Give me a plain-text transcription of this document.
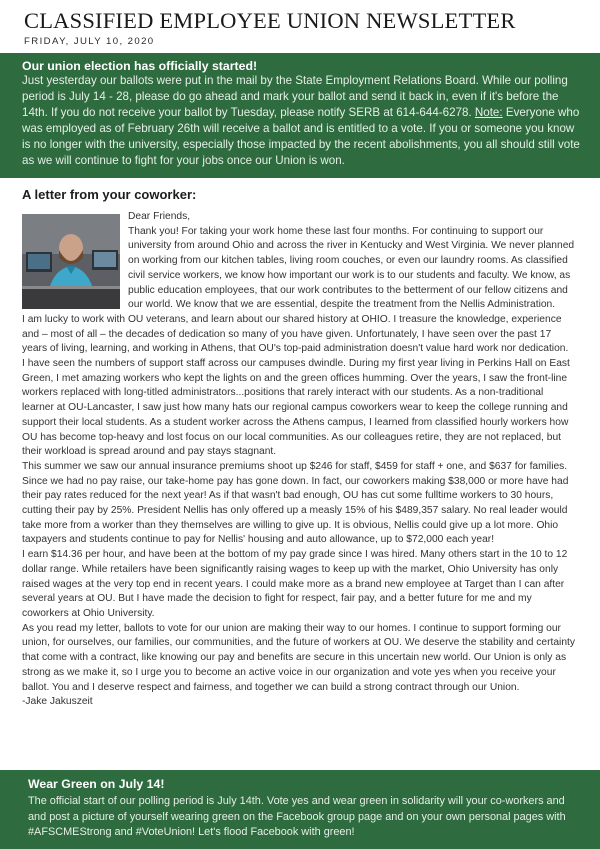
CLASSIFIED EMPLOYEE UNION NEWSLETTER
FRIDAY, JULY 10, 2020
Our union election has officially started!
Just yesterday our ballots were put in the mail by the State Employment Relations Board. While our polling period is July 14 - 28, please do go ahead and mark your ballot and send it back in, even if it's before the 14th. If you do not receive your ballot by Tuesday, please notify SERB at 614-644-6278. Note: Everyone who was employed as of February 26th will receive a ballot and is entitled to a vote. If you or someone you know is no longer with the university, especially those impacted by the recent abolishments, you all should still vote as we will continue to fight for your jobs once our Union is won.
A letter from your coworker:

Dear Friends,

Thank you! For taking your work home these last four months. For continuing to support our university from around Ohio and across the river in Kentucky and West Virginia. We never planned on working from our kitchen tables, living room couches, or even our laundry rooms. As classified civil service workers, we know how important our work is to our students and faculty. We know, as public education employees, that our work contributes to the betterment of our fellow citizens and our world. We know that we are essential, despite the treatment from the Nellis Administration.

I am lucky to work with OU veterans, and learn about our shared history at OHIO. I treasure the knowledge, experience and – most of all – the decades of dedication so many of you have given. Unfortunately, I have seen over the past 17 years of living, learning, and working in Athens, that OU's top-paid administration doesn't value hard work nor dedication.

I have seen the numbers of support staff across our campuses dwindle. During my first year living in Perkins Hall on East Green, I met amazing workers who kept the lights on and the green offices humming. Over the years, I saw the front-line workers replaced with long-titled administrators...positions that rarely interact with our students. As a non-traditional learner at OU-Lancaster, I saw just how many hats our regional campus coworkers wear to keep the college running and support their local students. As a student worker across the Athens campus, I learned from classified hourly workers how OU has become top-heavy and lost focus on our local communities. As our colleagues retire, they are not replaced, but their workload is spread around and pay stays stagnant.

This summer we saw our annual insurance premiums shoot up $246 for staff, $459 for staff + one, and $637 for families. Since we had no pay raise, our take-home pay has gone down. In fact, our coworkers making $38,000 or more have had their pay rates reduced for the next year! As if that wasn't bad enough, OU has cut some fulltime workers to 30 hours, cutting their pay by 25%. President Nellis has only offered up a measly 15% of his $489,357 salary. No real leader would take more from a worker than they themselves are willing to give up. It is obvious, Nellis could give up a lot more. Ohio taxpayers and students continue to pay for Nellis' housing and auto allowance, up to $72,000 each year!

I earn $14.36 per hour, and have been at the bottom of my pay grade since I was hired. Many others start in the 10 to 12 dollar range. While retailers have been significantly raising wages to keep up with the market, Ohio University has only raised wages at the very top end in recent years. I could make more as a brand new employee at Target than I can after several years at OU. But I have made the decision to fight for respect, fair pay, and a better future for me and my coworkers at Ohio University.

As you read my letter, ballots to vote for our union are making their way to our homes. I continue to support forming our union, for ourselves, our families, our communities, and the future of workers at OU. We deserve the stability and certainty that come with a contract, like knowing our pay and benefits are secure in this uncertain new world. Our Union is only as strong as we make it, so I urge you to become an active voice in our organization and vote yes when you receive your ballot. You and I deserve respect and fairness, and together we can build a strong contract through our Union.

-Jake Jakuszeit

Wear Green on July 14!
The official start of our polling period is July 14th. Vote yes and wear green in solidarity will your co-workers and and post a picture of yourself wearing green on the Facebook group page and on your own personal pages with #AFSCMEStrong and #VoteUnion! Let's flood Facebook with green!
